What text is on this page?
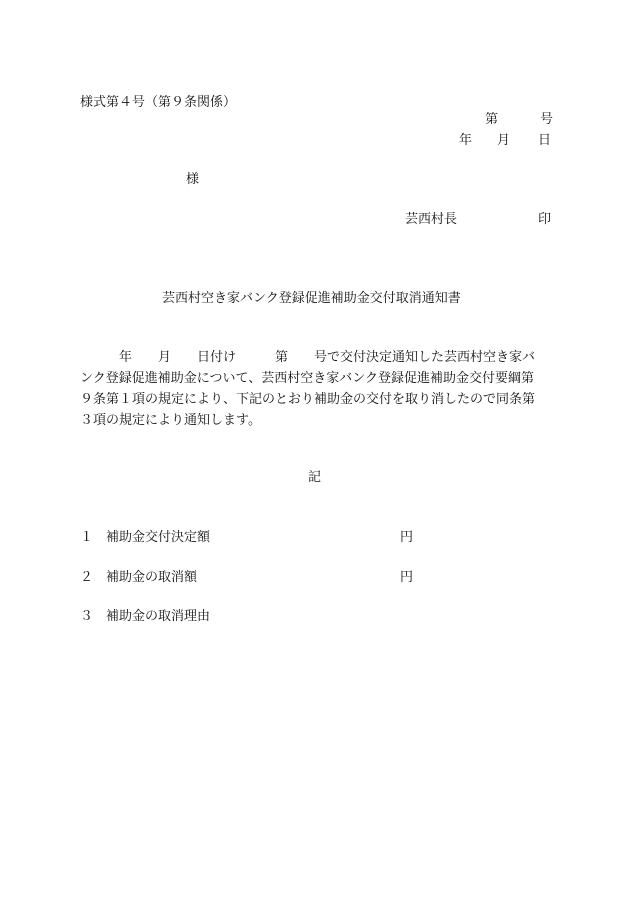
様式第４号（第９条関係）
第	号
年 月 日
様
芸西村長	印
芸西村空き家バンク登録促進補助金交付取消通知書
　　　年　　月　　日付け　　　第　　号で交付決定通知した芸西村空き家バ
ンク登録促進補助金について、芸西村空き家バンク登録促進補助金交付要綱第
９条第１項の規定により、下記のとおり補助金の交付を取り消したので同条第
３項の規定により通知します。
記
１ 補助金交付決定額	円
２ 補助金の取消額	円
３ 補助金の取消理由
